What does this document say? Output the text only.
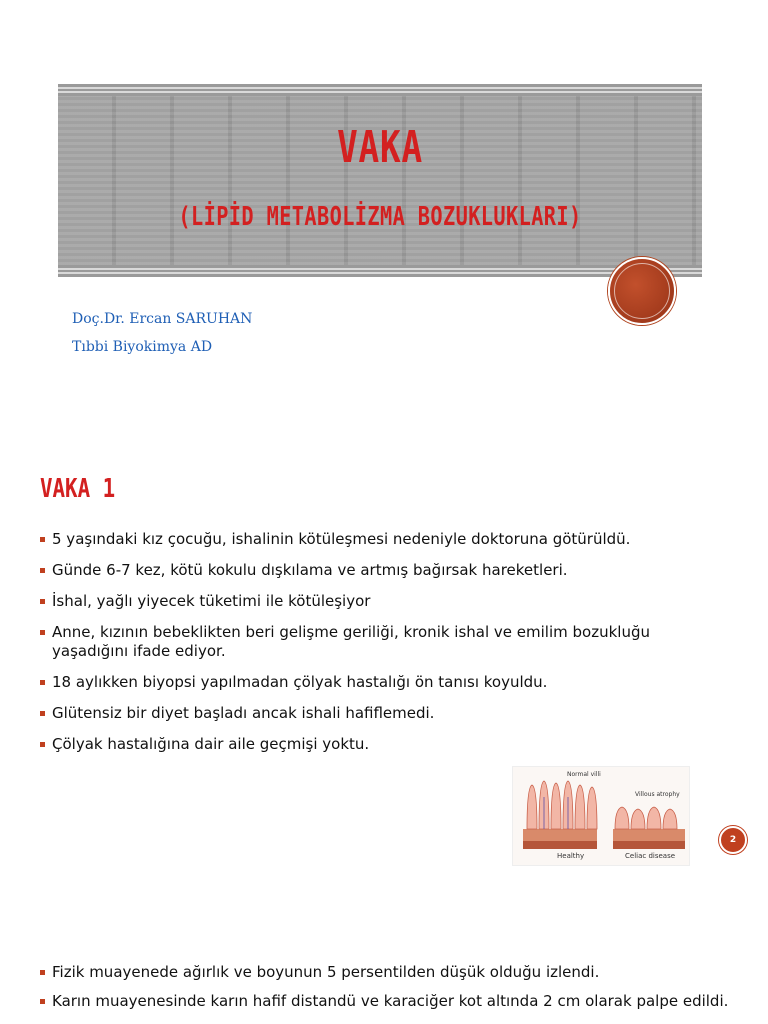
VAKA
(LİPİD METABOLİZMA BOZUKLUKLARI)
Doç.Dr. Ercan SARUHAN
Tıbbi Biyokimya AD
VAKA 1
5 yaşındaki kız çocuğu, ishalinin kötüleşmesi nedeniyle doktoruna götürüldü.
Günde 6-7 kez, kötü kokulu dışkılama ve artmış bağırsak hareketleri.
İshal, yağlı yiyecek tüketimi ile kötüleşiyor
Anne, kızının bebeklikten beri gelişme geriliği, kronik ishal ve emilim bozukluğu yaşadığını ifade ediyor.
18 aylıkken biyopsi yapılmadan çölyak hastalığı ön tanısı koyuldu.
Glütensiz bir diyet başladı ancak ishali hafiflemedi.
Çölyak hastalığına dair aile geçmişi yoktu.
Healthy	Celiac disease
Normal villi
Villous atrophy
2
Fizik muayenede ağırlık ve boyunun 5 persentilden düşük olduğu izlendi.
Karın muayenesinde karın hafif distandü ve karaciğer kot altında 2 cm olarak palpe edildi.
